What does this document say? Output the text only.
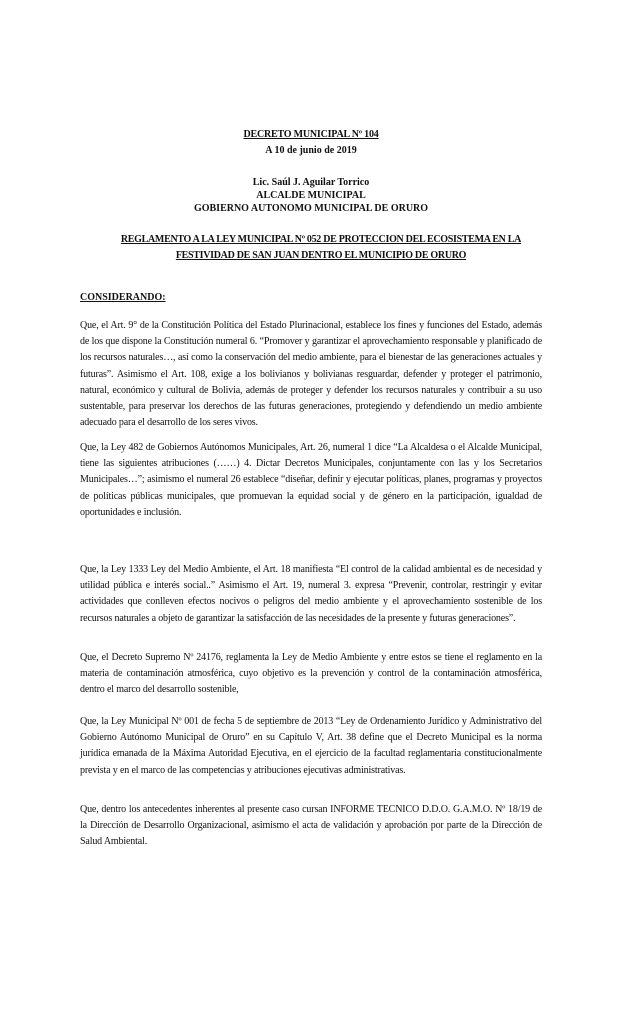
DECRETO MUNICIPAL Nº 104
A 10 de junio de 2019
Lic. Saúl J. Aguilar Torrico
ALCALDE MUNICIPAL
GOBIERNO AUTONOMO MUNICIPAL DE ORURO
REGLAMENTO A LA LEY MUNICIPAL Nº 052 DE PROTECCION DEL ECOSISTEMA EN LA FESTIVIDAD DE SAN JUAN DENTRO EL MUNICIPIO DE ORURO
CONSIDERANDO:
Que, el Art. 9° de la Constitución Política del Estado Plurinacional, establece los fines y funciones del Estado, además de los que dispone la Constitución numeral 6. “Promover y garantizar el aprovechamiento responsable y planificado de los recursos naturales…, así como la conservación del medio ambiente, para el bienestar de las generaciones actuales y futuras”. Asimismo el Art. 108, exige a los bolivianos y bolivianas resguardar, defender y proteger el patrimonio, natural, económico y cultural de Bolivia, además de proteger y defender los recursos naturales y contribuir a su uso sustentable, para preservar los derechos de las futuras generaciones, protegiendo y defendiendo un medio ambiente adecuado para el desarrollo de los seres vivos.
Que, la Ley 482 de Gobiernos Autónomos Municipales, Art. 26, numeral 1 dice “La Alcaldesa o el Alcalde Municipal, tiene las siguientes atribuciones (……) 4. Dictar Decretos Municipales, conjuntamente con las y los Secretarios Municipales…”; asimismo el numeral 26 establece “diseñar, definir y ejecutar políticas, planes, programas y proyectos de políticas públicas municipales, que promuevan la equidad social y de género en la participación, igualdad de oportunidades e inclusión.
Que, la Ley 1333 Ley del Medio Ambiente, el Art. 18 manifiesta “El control de la calidad ambiental es de necesidad y utilidad pública e interés social..” Asimismo el Art. 19, numeral 3. expresa “Prevenir, controlar, restringir y evitar actividades que conlleven efectos nocivos o peligros del medio ambiente y el aprovechamiento sostenible de los recursos naturales a objeto de garantizar la satisfacción de las necesidades de la presente y futuras generaciones”.
Que, el Decreto Supremo Nº 24176, reglamenta la Ley de Medio Ambiente y entre estos se tiene el reglamento en la materia de contaminación atmosférica, cuyo objetivo es la prevención y control de la contaminación atmosférica, dentro el marco del desarrollo sostenible,
Que, la Ley Municipal Nº 001 de fecha 5 de septiembre de 2013 “Ley de Ordenamiento Jurídico y Administrativo del Gobierno Autónomo Municipal de Oruro” en su Capítulo V, Art. 38 define que el Decreto Municipal es la norma jurídica emanada de la Máxima Autoridad Ejecutiva, en el ejercicio de la facultad reglamentaria constitucionalmente prevista y en el marco de las competencias y atribuciones ejecutivas administrativas.
Que, dentro los antecedentes inherentes al presente caso cursan INFORME TECNICO D.D.O. G.A.M.O. Nº 18/19 de la Dirección de Desarrollo Organizacional, asimismo el acta de validación y aprobación por parte de la Dirección de Salud Ambiental.
